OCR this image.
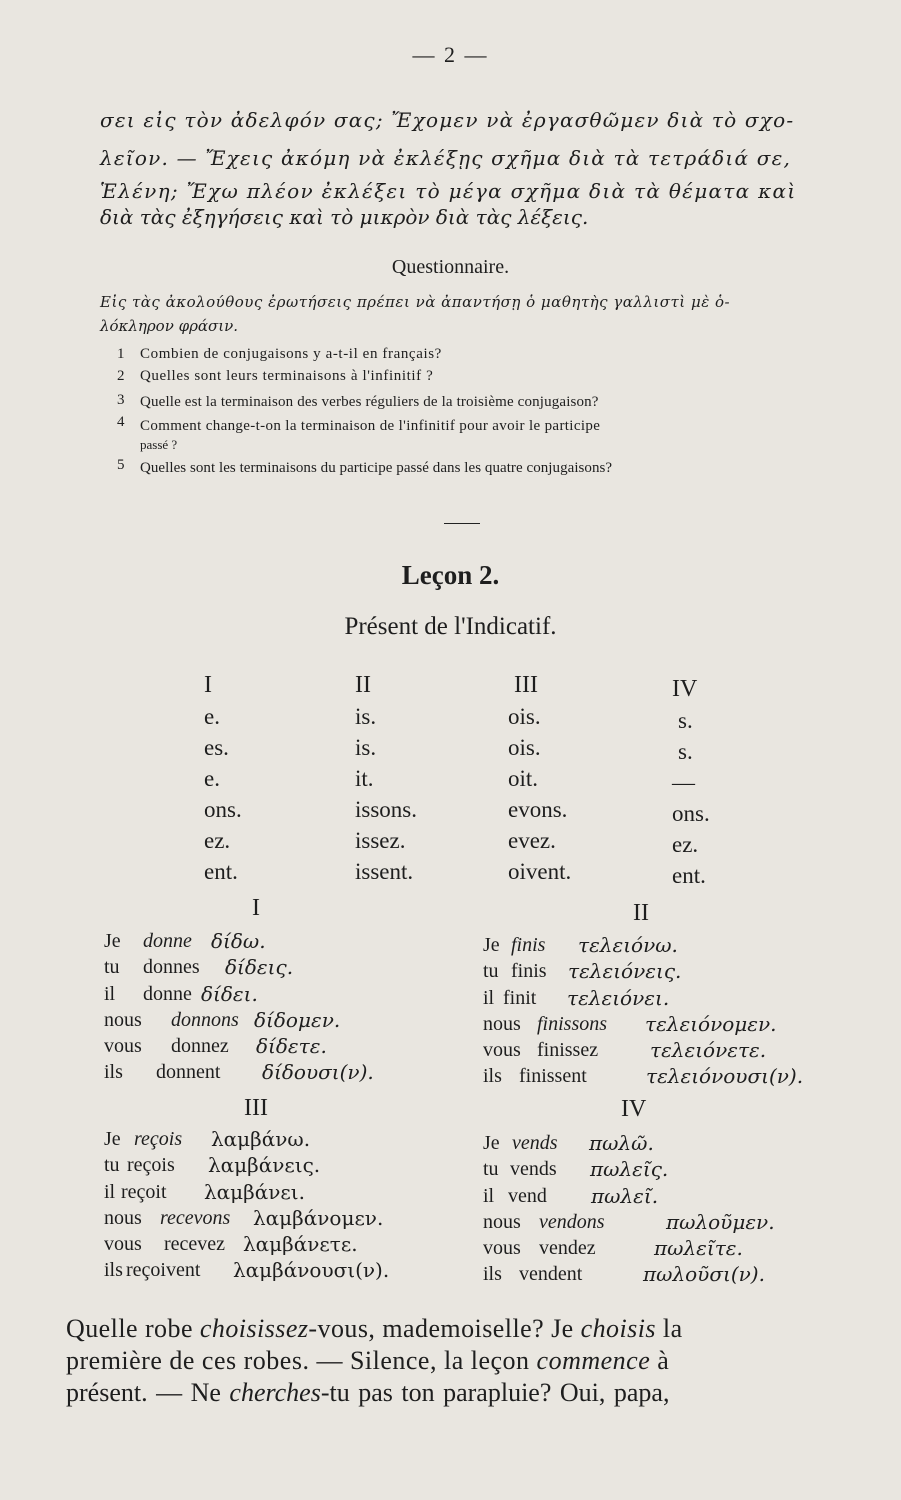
— 2 —
σει εἰς τὸν ἀδελφόν σας; Ἔχομεν νὰ ἐργασθῶμεν διὰ τὸ σχο-
λεῖον. — Ἔχεις ἀκόμη νὰ ἐκλέξῃς σχῆμα διὰ τὰ τετράδιά σε,
Ἑλένη; Ἔχω πλέον ἐκλέξει τὸ μέγα σχῆμα διὰ τὰ θέματα καὶ
διὰ τὰς ἐξηγήσεις καὶ τὸ μικρὸν διὰ τὰς λέξεις.
Questionnaire.
Εἰς τὰς ἀκολούθους ἐρωτήσεις πρέπει νὰ ἀπαντήσῃ ὁ μαθητὴς γαλλιστὶ μὲ ὁ-
λόκληρον φράσιν.
1 Combien de conjugaisons y a-t-il en français?
2 Quelles sont leurs terminaisons à l'infinitif ?
3 Quelle est la terminaison des verbes réguliers de la troisième conjugaison?
4 Comment change-t-on la terminaison de l'infinitif pour avoir le participe
passé ?
5 Quelles sont les terminaisons du participe passé dans les quatre conjugaisons?
Leçon 2.
Présent de l'Indicatif.
I
e.
es.
e.
ons.
ez.
ent.
II
is.
is.
it.
issons.
issez.
issent.
III
ois.
ois.
oit.
evons.
evez.
oivent.
IV
s.
s.
—
ons.
ez.
ent.
I
Je
tu
il
nous
vous
ils
donne
donnes
donne
donnons
donnez
donnent
δίδω.
δίδεις.
δίδει.
δίδομεν.
δίδετε.
δίδουσι(ν).
II
Je
tu
il
nous
vous
ils
finis
finis
finit
finissons
finissez
finissent
τελειόνω.
τελειόνεις.
τελειόνει.
τελειόνομεν.
τελειόνετε.
τελειόνουσι(ν).
III
Je
tu
il
nous
vous
ils
reçois
reçois
reçoit
recevons
recevez
reçoivent
λαμβάνω.
λαμβάνεις.
λαμβάνει.
λαμβάνομεν.
λαμβάνετε.
λαμβάνουσι(ν).
IV
Je
tu
il
nous
vous
ils
vends
vends
vend
vendons
vendez
vendent
πωλῶ.
πωλεῖς.
πωλεῖ.
πωλοῦμεν.
πωλεῖτε.
πωλοῦσι(ν).
Quelle robe choisissez-vous, mademoiselle? Je choisis la
première de ces robes. — Silence, la leçon commence à
présent. — Ne cherches-tu pas ton parapluie? Oui, papa,
